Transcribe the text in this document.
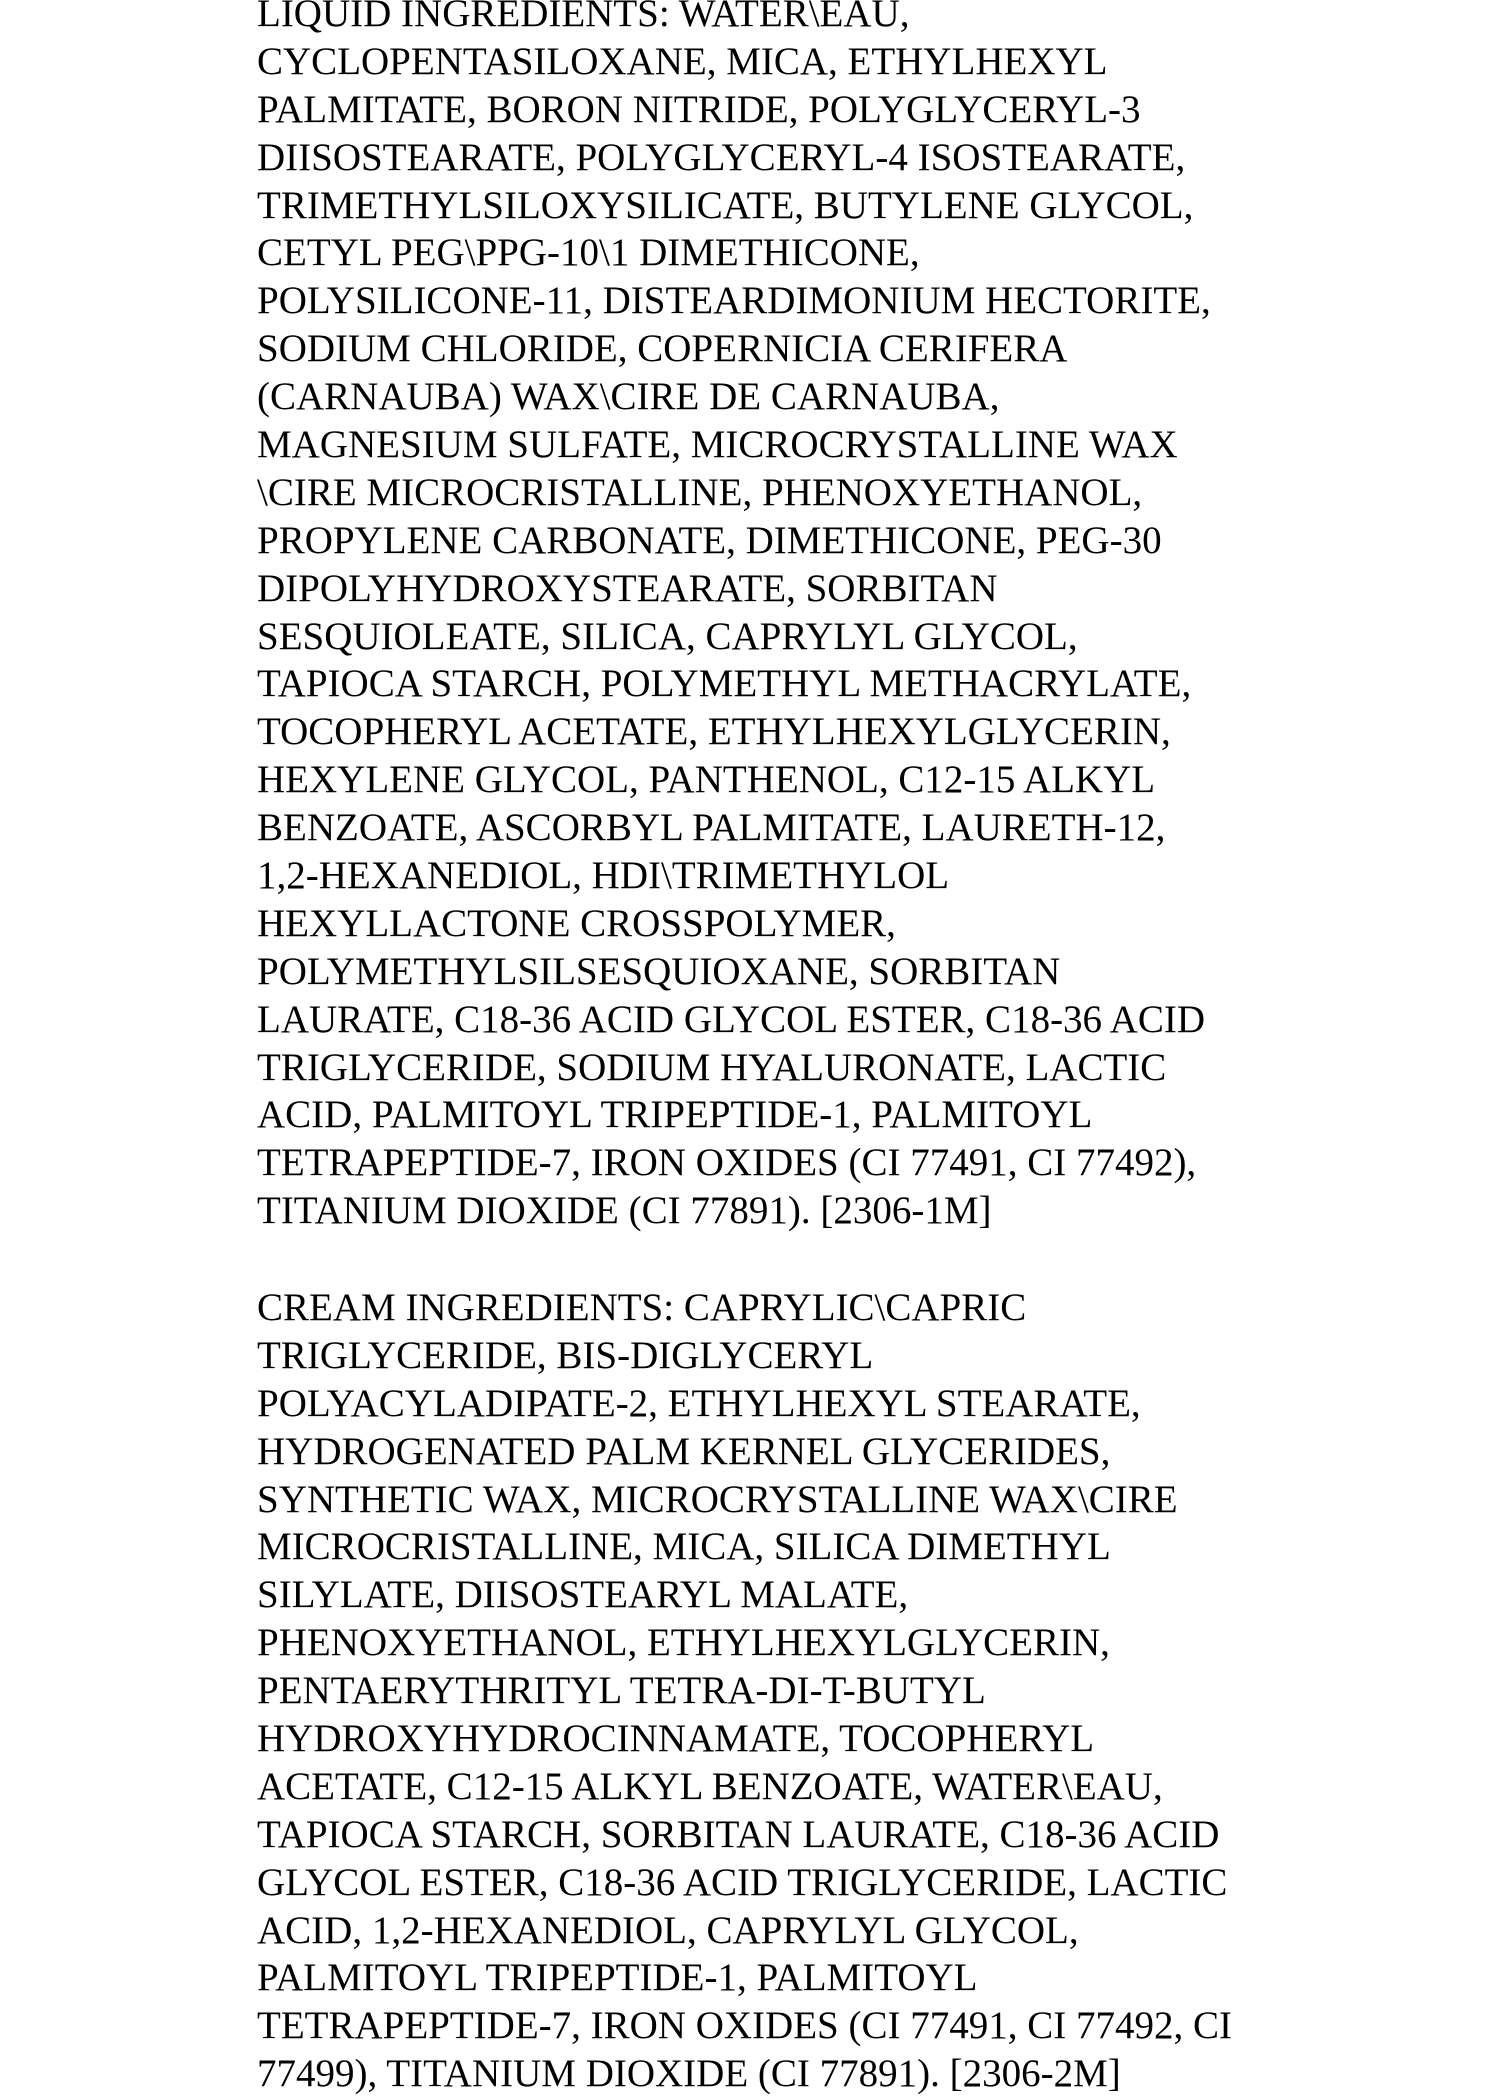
LIQUID INGREDIENTS: WATER\EAU,
CYCLOPENTASILOXANE, MICA, ETHYLHEXYL
PALMITATE, BORON NITRIDE, POLYGLYCERYL-3
DIISOSTEARATE, POLYGLYCERYL-4 ISOSTEARATE,
TRIMETHYLSILOXYSILICATE, BUTYLENE GLYCOL,
CETYL PEG\PPG-10\1 DIMETHICONE,
POLYSILICONE-11, DISTEARDIMONIUM HECTORITE,
SODIUM CHLORIDE, COPERNICIA CERIFERA
(CARNAUBA) WAX\CIRE DE CARNAUBA,
MAGNESIUM SULFATE, MICROCRYSTALLINE WAX
\CIRE MICROCRISTALLINE, PHENOXYETHANOL,
PROPYLENE CARBONATE, DIMETHICONE, PEG-30
DIPOLYHYDROXYSTEARATE, SORBITAN
SESQUIOLEATE, SILICA, CAPRYLYL GLYCOL,
TAPIOCA STARCH, POLYMETHYL METHACRYLATE,
TOCOPHERYL ACETATE, ETHYLHEXYLGLYCERIN,
HEXYLENE GLYCOL, PANTHENOL, C12-15 ALKYL
BENZOATE, ASCORBYL PALMITATE, LAURETH-12,
1,2-HEXANEDIOL, HDI\TRIMETHYLOL
HEXYLLACTONE CROSSPOLYMER,
POLYMETHYLSILSESQUIOXANE, SORBITAN
LAURATE, C18-36 ACID GLYCOL ESTER, C18-36 ACID
TRIGLYCERIDE, SODIUM HYALURONATE, LACTIC
ACID, PALMITOYL TRIPEPTIDE-1, PALMITOYL
TETRAPEPTIDE-7, IRON OXIDES (CI 77491, CI 77492),
TITANIUM DIOXIDE (CI 77891). [2306-1M]
CREAM INGREDIENTS: CAPRYLIC\CAPRIC
TRIGLYCERIDE, BIS-DIGLYCERYL
POLYACYLADIPATE-2, ETHYLHEXYL STEARATE,
HYDROGENATED PALM KERNEL GLYCERIDES,
SYNTHETIC WAX, MICROCRYSTALLINE WAX\CIRE
MICROCRISTALLINE, MICA, SILICA DIMETHYL
SILYLATE, DIISOSTEARYL MALATE,
PHENOXYETHANOL, ETHYLHEXYLGLYCERIN,
PENTAERYTHRITYL TETRA-DI-T-BUTYL
HYDROXYHYDROCINNAMATE, TOCOPHERYL
ACETATE, C12-15 ALKYL BENZOATE, WATER\EAU,
TAPIOCA STARCH, SORBITAN LAURATE, C18-36 ACID
GLYCOL ESTER, C18-36 ACID TRIGLYCERIDE, LACTIC
ACID, 1,2-HEXANEDIOL, CAPRYLYL GLYCOL,
PALMITOYL TRIPEPTIDE-1, PALMITOYL
TETRAPEPTIDE-7, IRON OXIDES (CI 77491, CI 77492, CI
77499), TITANIUM DIOXIDE (CI 77891). [2306-2M]
